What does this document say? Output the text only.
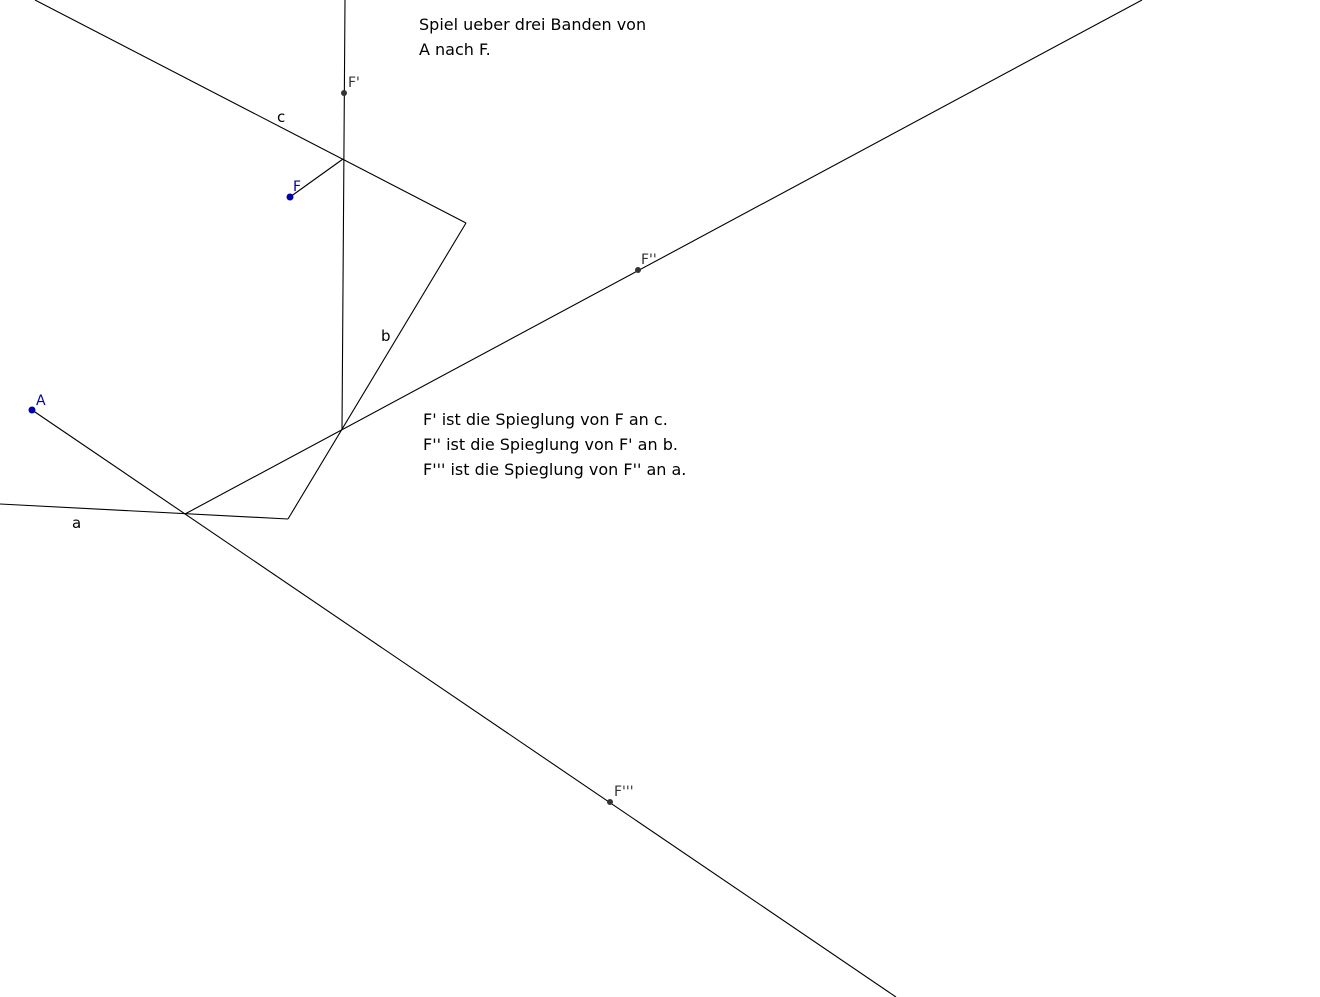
c
b
a
A
F
F'
F''
F'''
Spiel ueber drei Banden von
A nach F.
F' ist die Spieglung von F an c.
F'' ist die Spieglung von F' an b.
F''' ist die Spieglung von F'' an a.
